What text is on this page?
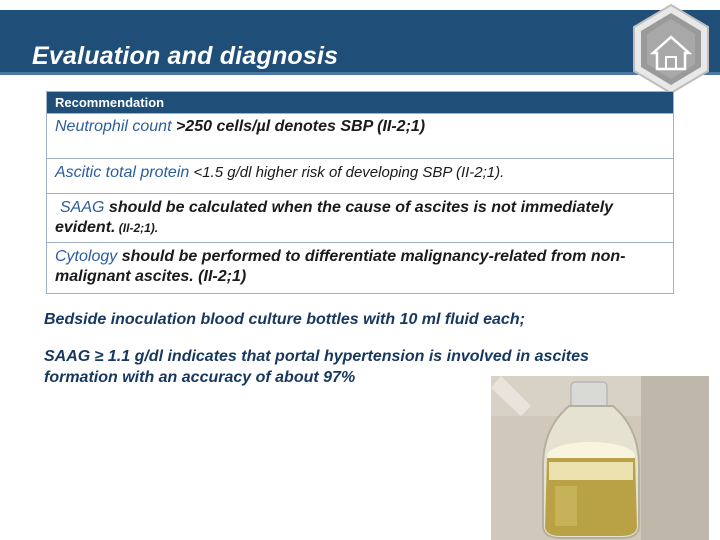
Evaluation and diagnosis
Recommendation
Neutrophil count >250 cells/µl denotes SBP (II-2;1)
Ascitic total protein <1.5 g/dl higher risk of developing SBP (II-2;1).
SAAG should be calculated when the cause of ascites is not immediately evident. (II-2;1).
Cytology should be performed to differentiate malignancy-related from non-malignant ascites. (II-2;1)
Bedside inoculation blood culture bottles with 10 ml fluid each;
SAAG ≥ 1.1 g/dl indicates that portal hypertension is involved in ascites formation with an accuracy of about 97%
